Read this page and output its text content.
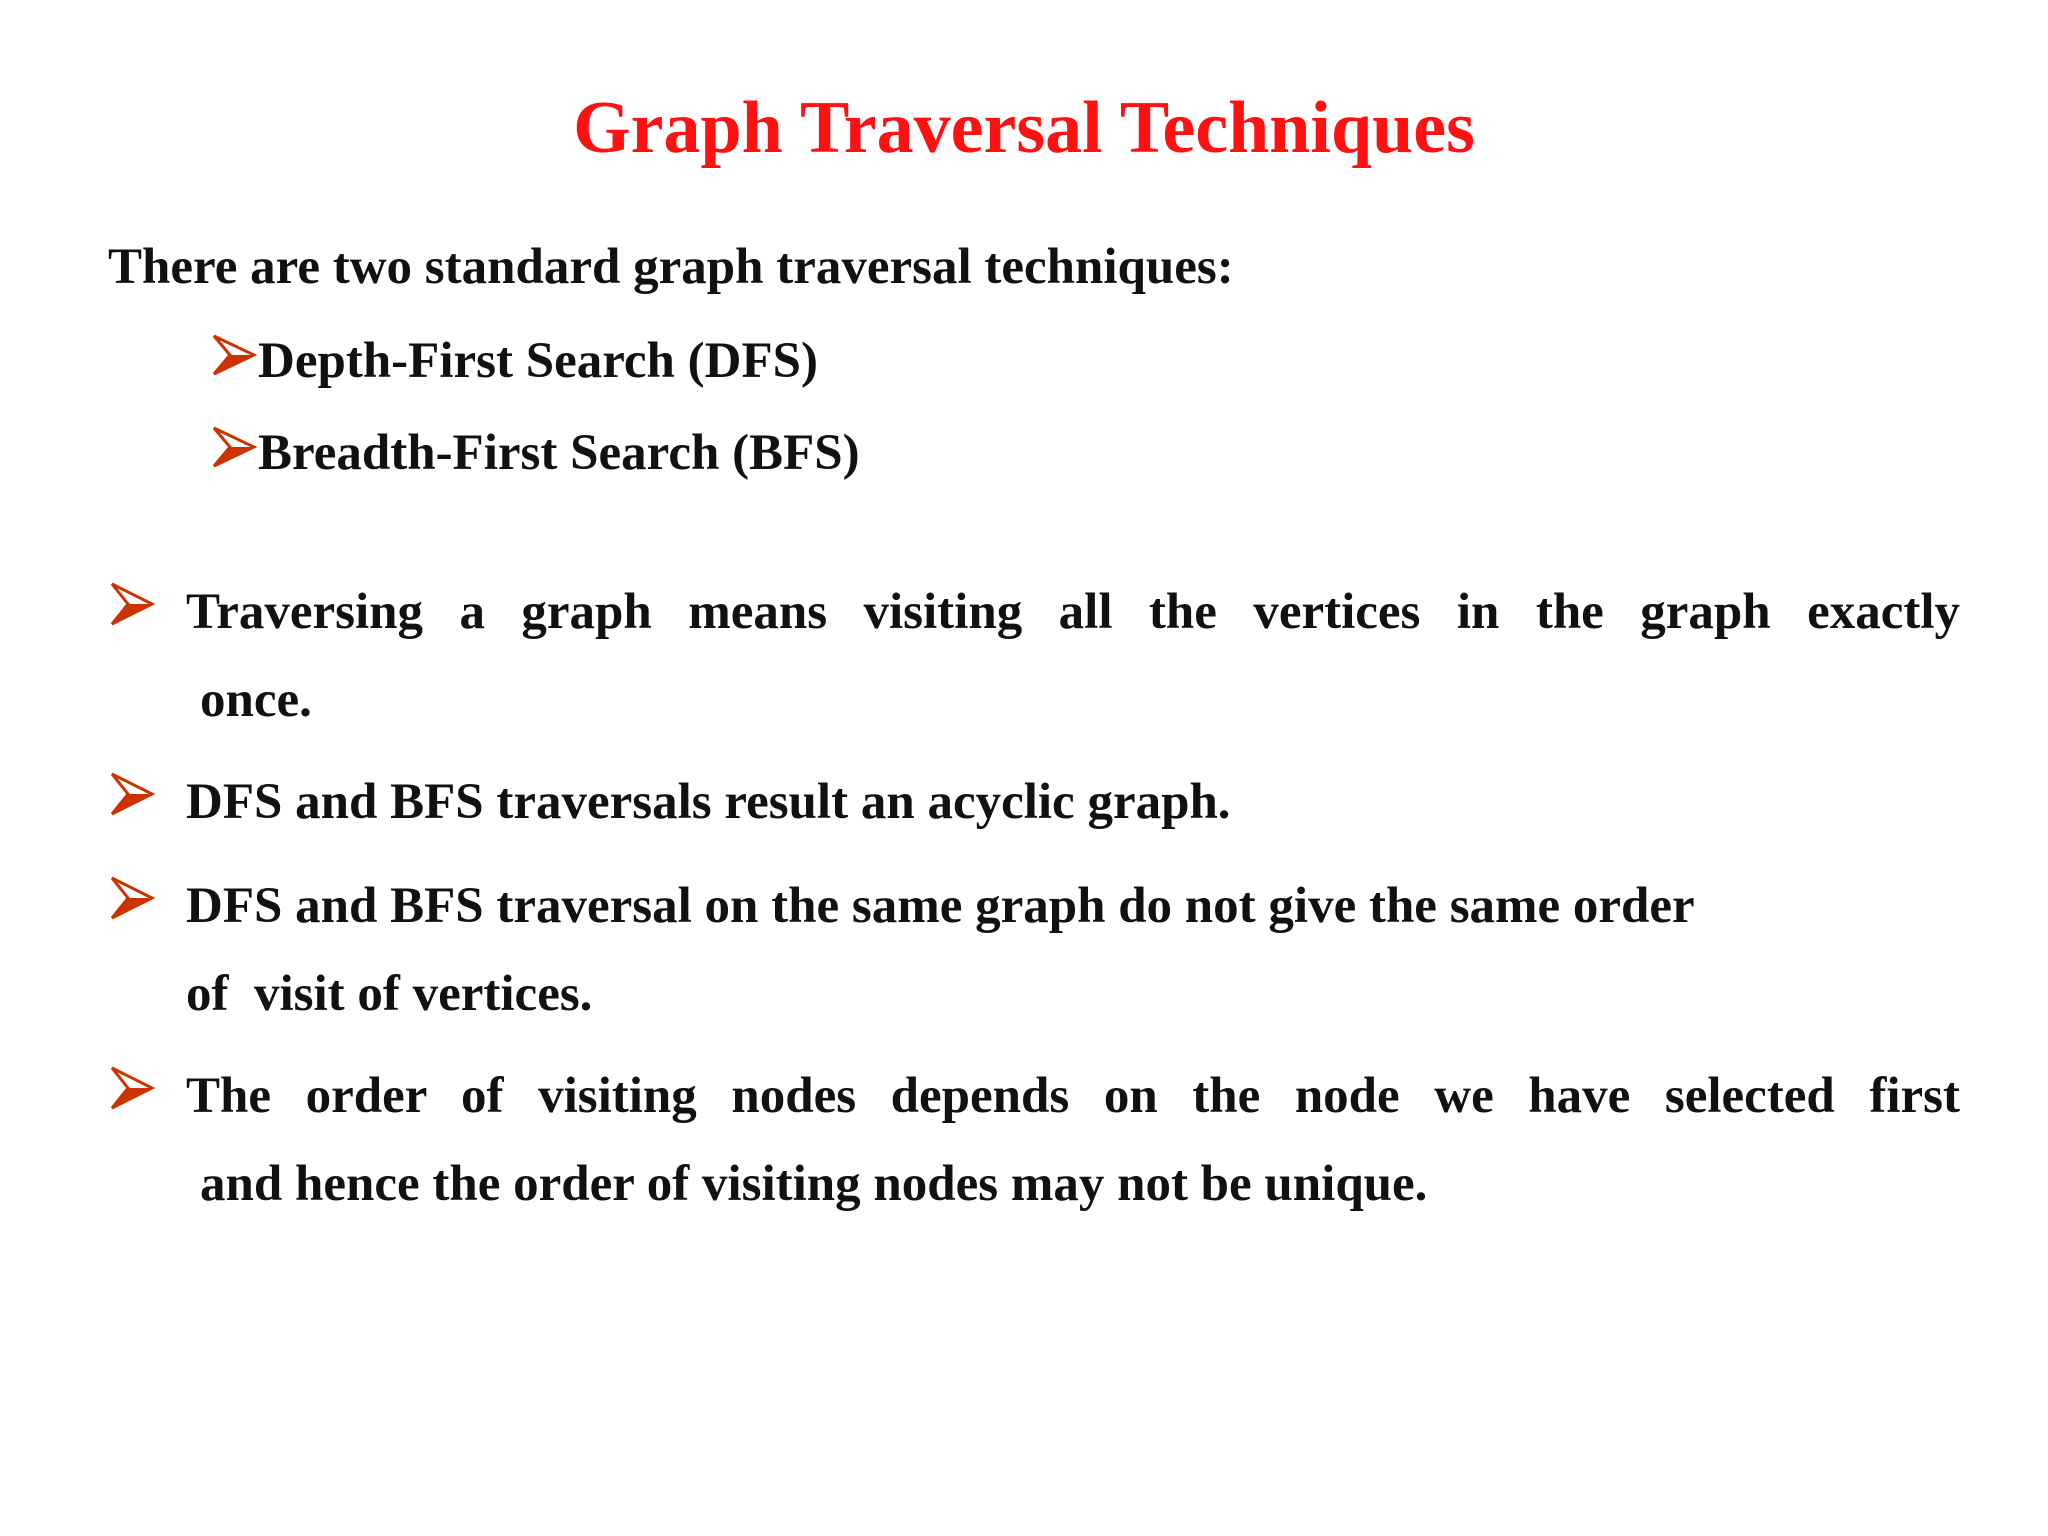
Graph Traversal Techniques
There are two standard graph traversal techniques:
Depth-First Search (DFS)
Breadth-First Search (BFS)
Traversing a graph means visiting all the vertices in the graph exactly
once.
DFS and BFS traversals result an acyclic graph.
DFS and BFS traversal on the same graph do not give the same order
of  visit of vertices.
The order of visiting nodes depends on the node we have selected first
and hence the order of visiting nodes may not be unique.
